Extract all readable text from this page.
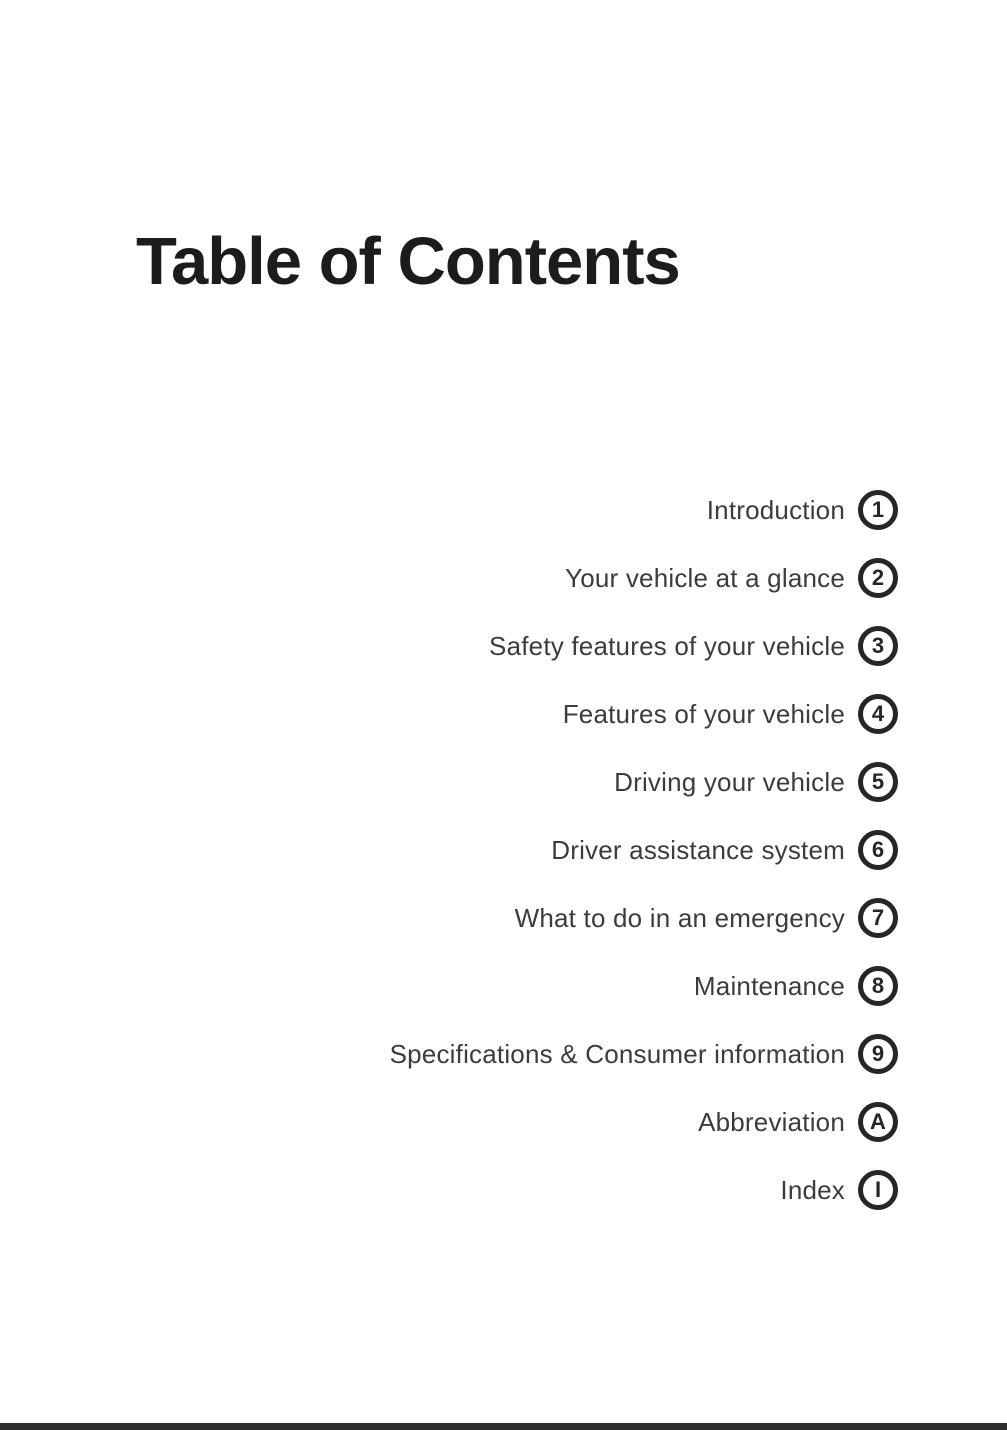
Table of Contents
Introduction 1
Your vehicle at a glance 2
Safety features of your vehicle 3
Features of your vehicle 4
Driving your vehicle 5
Driver assistance system 6
What to do in an emergency 7
Maintenance 8
Specifications & Consumer information 9
Abbreviation A
Index I
